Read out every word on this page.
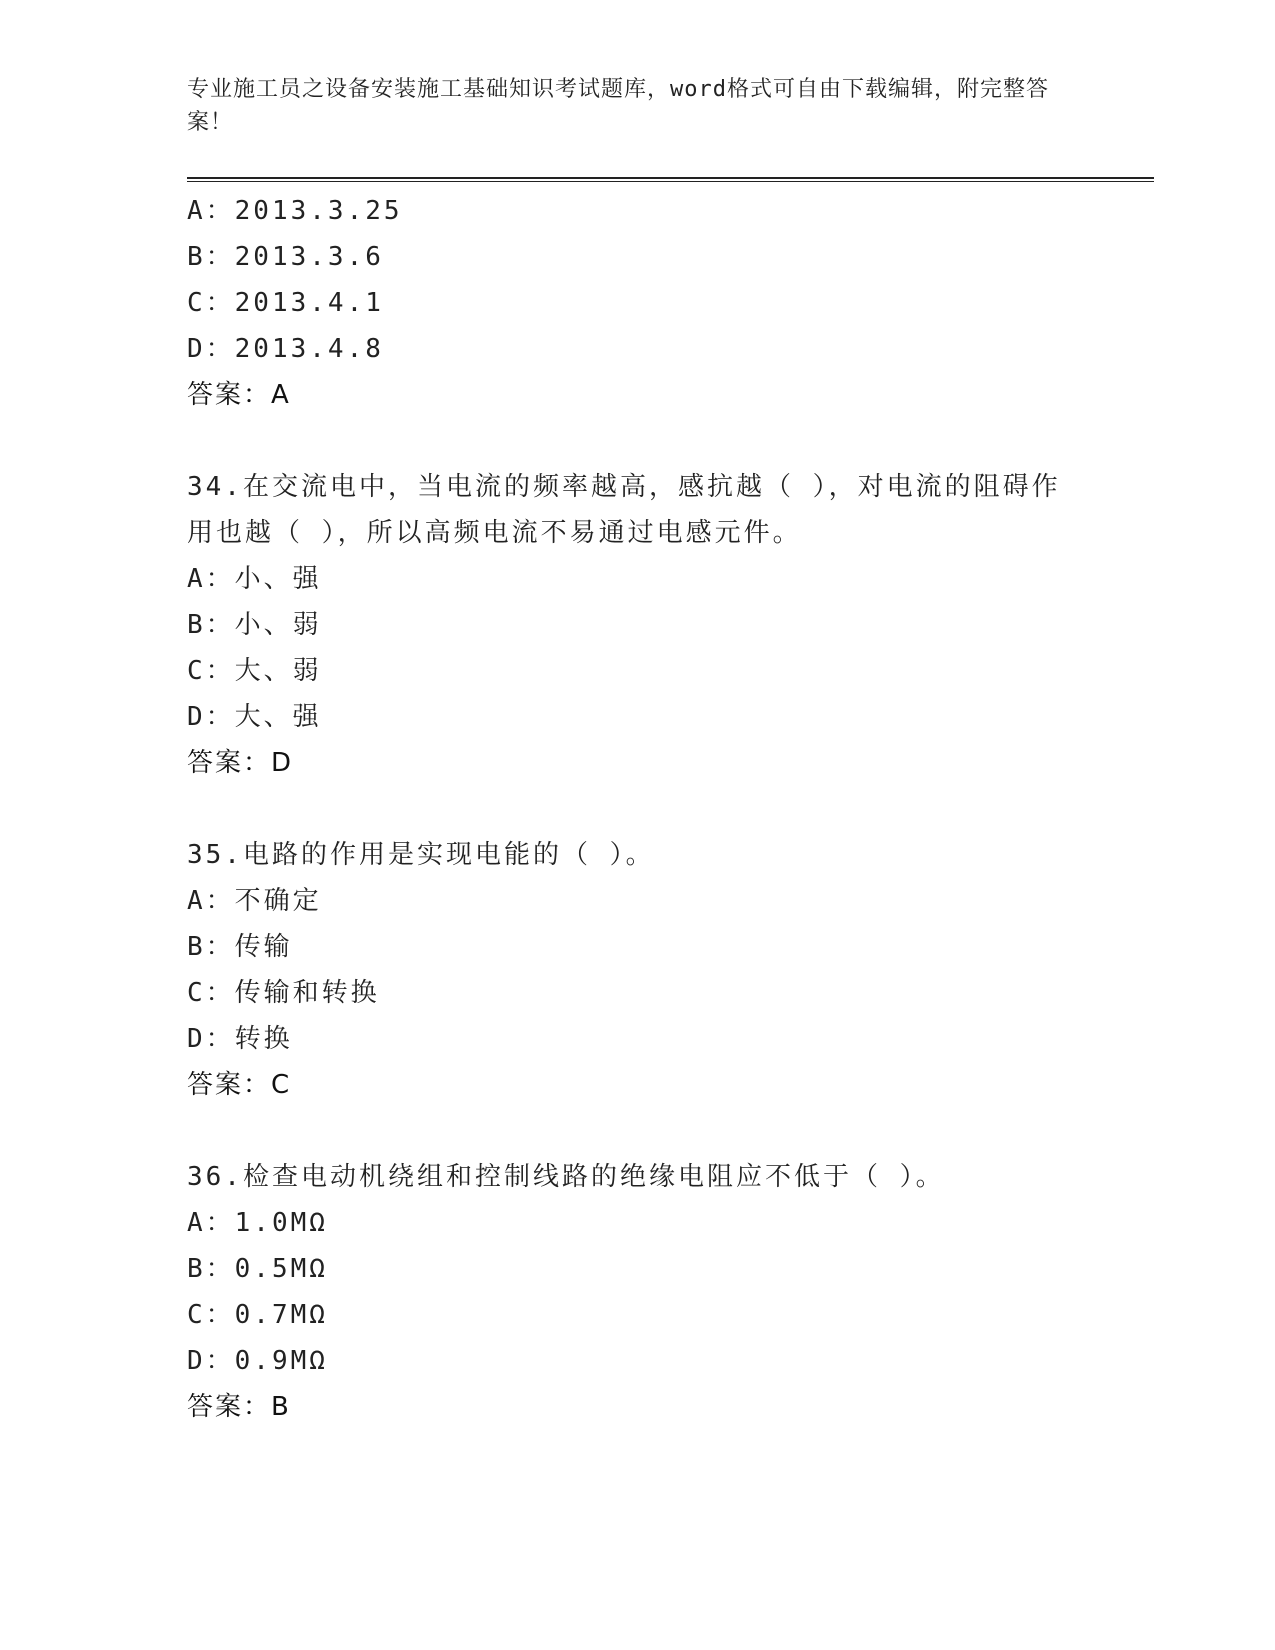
专业施工员之设备安装施工基础知识考试题库，word格式可自由下载编辑，附完整答案！
A：2013.3.25
B：2013.3.6
C：2013.4.1
D：2013.4.8
答案：A
34.在交流电中，当电流的频率越高，感抗越（ ），对电流的阻碍作
用也越（ ），所以高频电流不易通过电感元件。
A：小、强
B：小、弱
C：大、弱
D：大、强
答案：D
35.电路的作用是实现电能的（ ）。
A：不确定
B：传输
C：传输和转换
D：转换
答案：C
36.检查电动机绕组和控制线路的绝缘电阻应不低于（ ）。
A：1.0MΩ
B：0.5MΩ
C：0.7MΩ
D：0.9MΩ
答案：B
